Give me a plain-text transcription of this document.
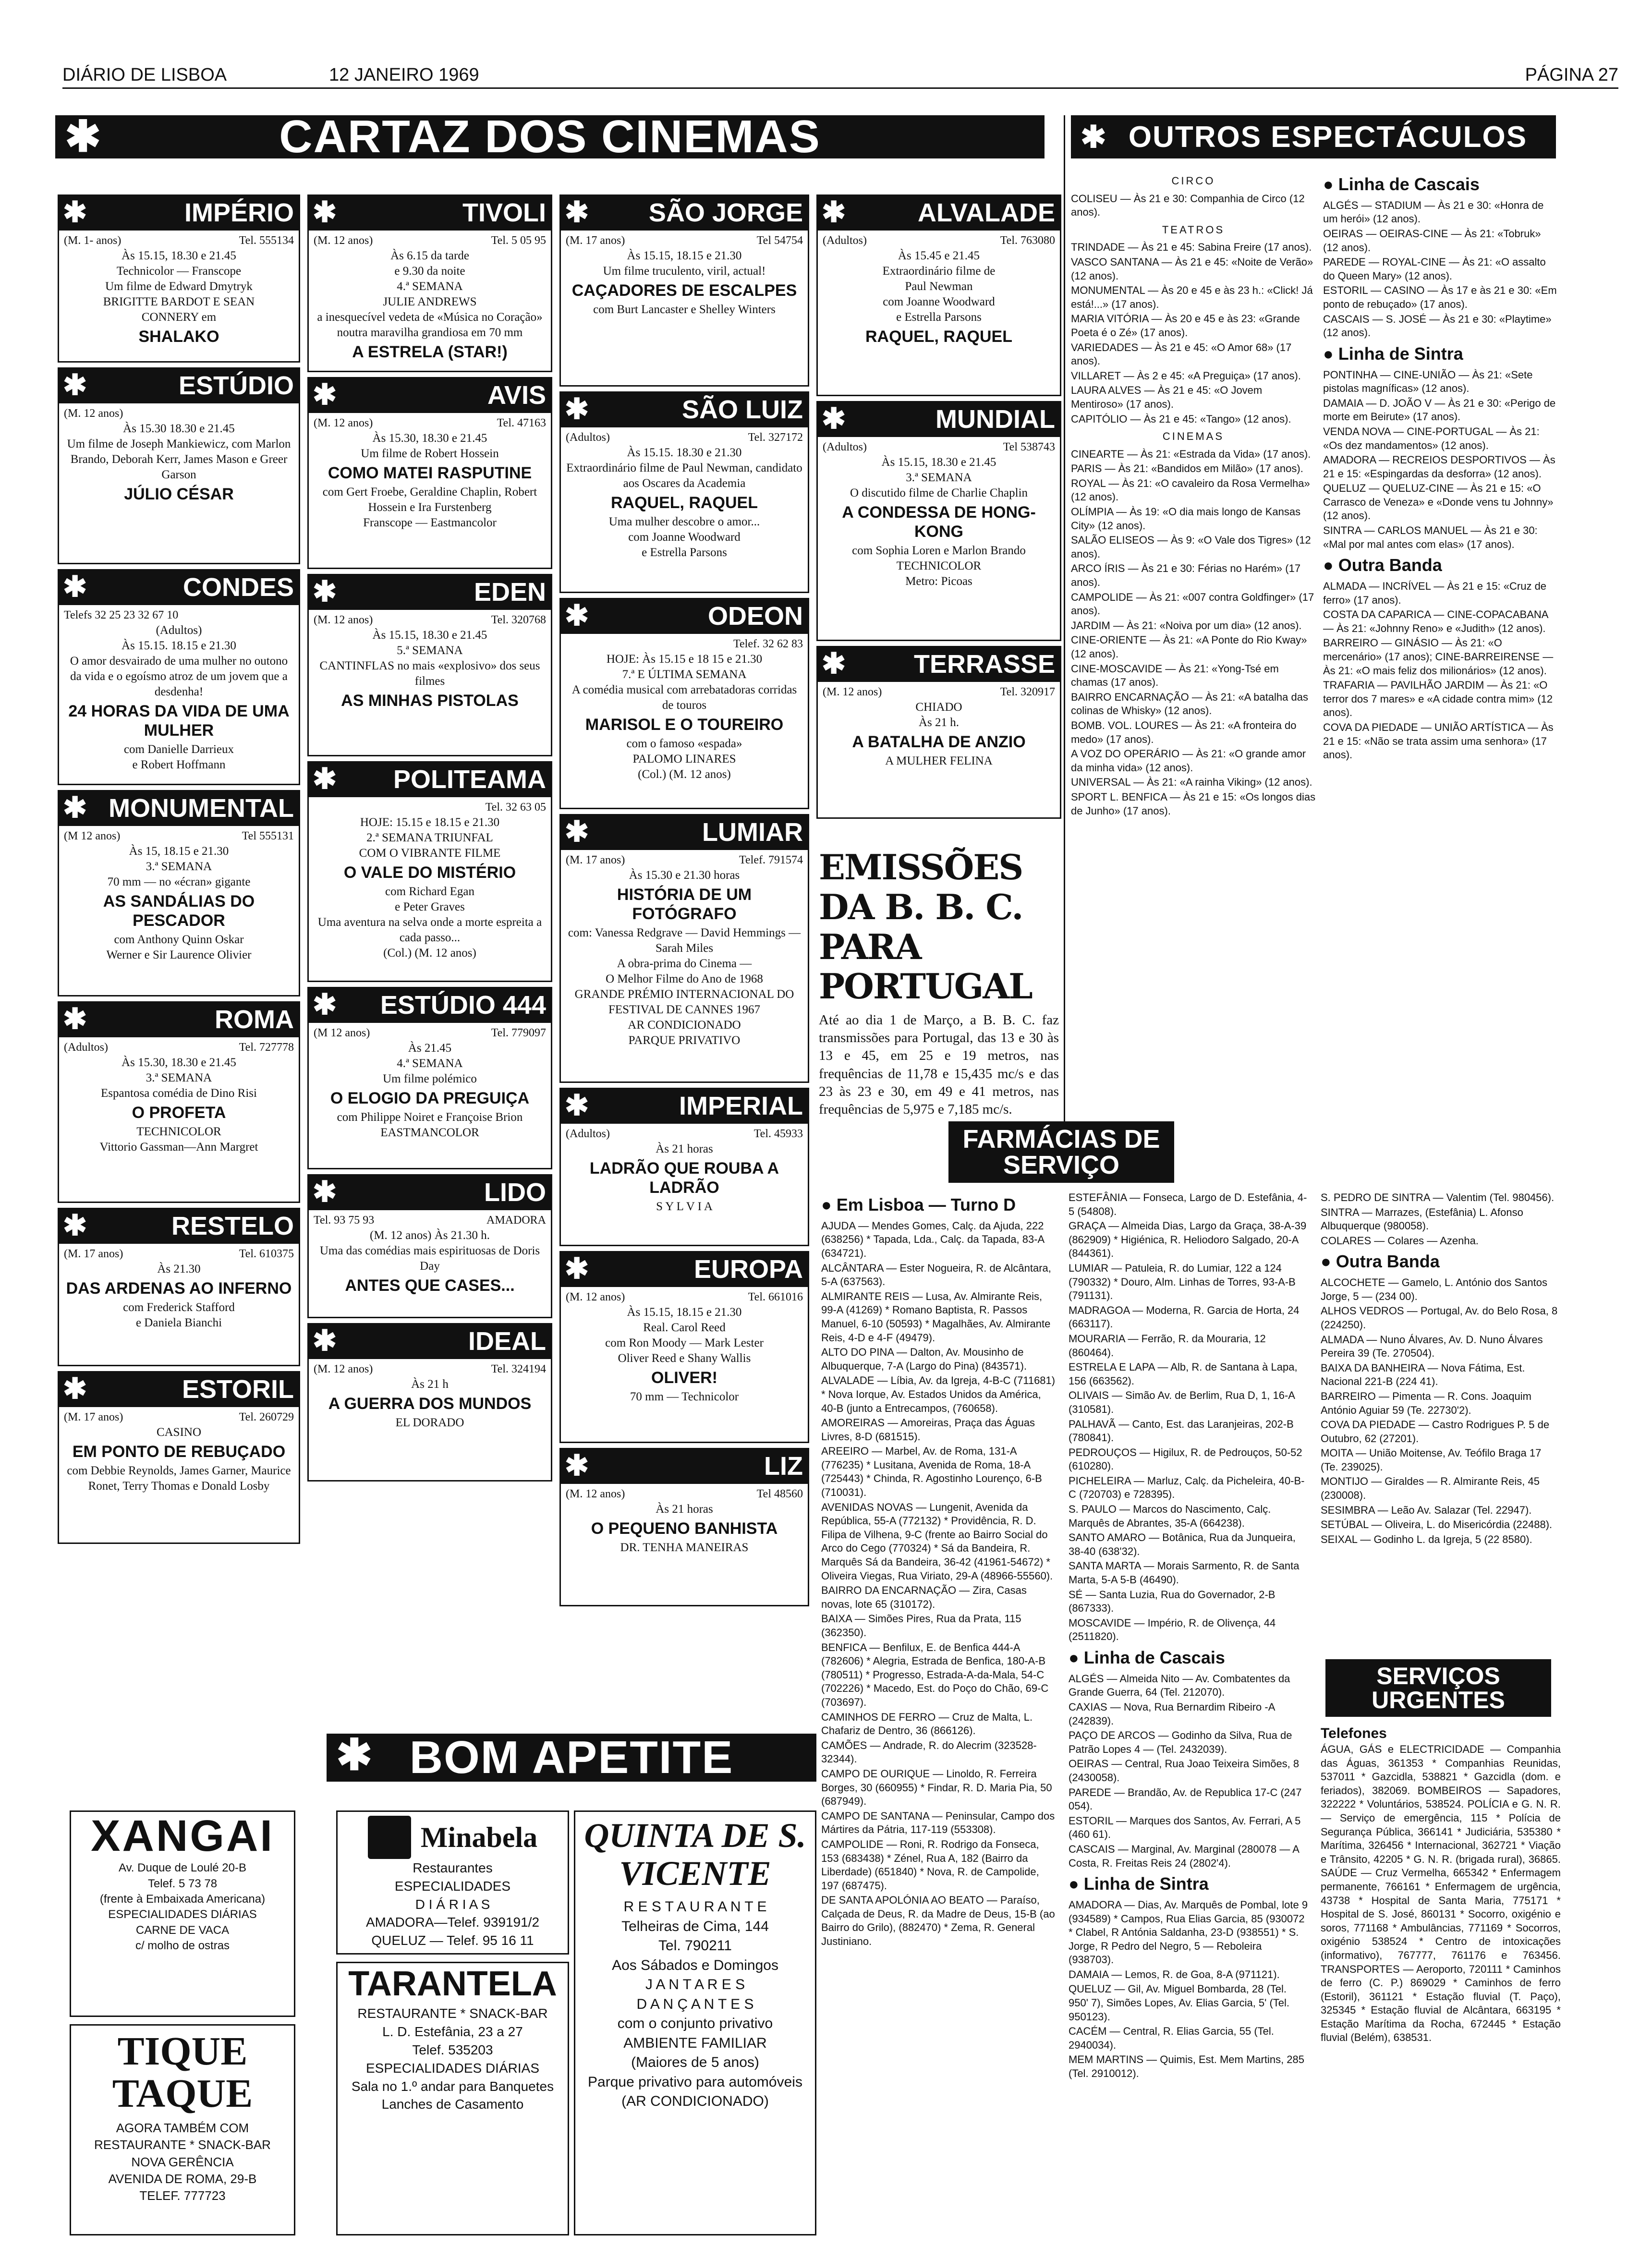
DIÁRIO DE LISBOA	12 JANEIRO 1969	PÁGINA 27
✱	CARTAZ DOS CINEMAS	✱ OUTROS ESPECTÁCULOS
✱	IMPÉRIO
(M. 1- anos)	Tel. 555134
Às 15.15, 18.30 e 21.45
Technicolor — Franscope
Um filme de Edward Dmytryk
BRIGITTE BARDOT E SEAN
CONNERY em
SHALAKO
✱	ESTÚDIO
(M. 12 anos)
Às 15.30 18.30 e 21.45
Um filme de Joseph Mankiewicz, com Marlon Brando, Deborah Kerr, James Mason e Greer Garson
JÚLIO CÉSAR
✱	CONDES
Telefs 32 25 23 32 67 10
(Adultos)
Às 15.15. 18.15 e 21.30
O amor desvairado de uma mulher no outono da vida e o egoísmo atroz de um jovem que a desdenha!
24 HORAS DA VIDA DE UMA MULHER
com Danielle Darrieux
e Robert Hoffmann
✱ MONUMENTAL
(M 12 anos)	Tel 555131
Às 15, 18.15 e 21.30
3.ª SEMANA
70 mm — no «écran» gigante
AS SANDÁLIAS DO PESCADOR
com Anthony Quinn Oskar
Werner e Sir Laurence Olivier
✱	ROMA
(Adultos)	Tel. 727778
Às 15.30, 18.30 e 21.45
3.ª SEMANA
Espantosa comédia de Dino Risi
O PROFETA
TECHNICOLOR
Vittorio Gassman—Ann Margret
✱	RESTELO
(M. 17 anos)	Tel. 610375
Às 21.30
DAS ARDENAS AO INFERNO
com Frederick Stafford
e Daniela Bianchi
✱	ESTORIL
(M. 17 anos)	Tel. 260729
CASINO
EM PONTO DE REBUÇADO
com Debbie Reynolds, James Garner, Maurice Ronet, Terry Thomas e Donald Losby
✱	TIVOLI
(M. 12 anos)	Tel. 5 05 95
Às 6.15 da tarde
e 9.30 da noite
4.ª SEMANA
JULIE ANDREWS
a inesquecível vedeta de «Música no Coração» noutra maravilha grandiosa em 70 mm
A ESTRELA (STAR!)
✱	AVIS
(M. 12 anos)	Tel. 47163
Às 15.30, 18.30 e 21.45
Um filme de Robert Hossein
COMO MATEI RASPUTINE
com Gert Froebe, Geraldine Chaplin, Robert Hossein e Ira Furstenberg
Franscope — Eastmancolor
✱	EDEN
(M. 12 anos)	Tel. 320768
Às 15.15, 18.30 e 21.45
5.ª SEMANA
CANTINFLAS no mais «explosivo» dos seus filmes
AS MINHAS PISTOLAS
✱ POLITEAMA
Tel. 32 63 05
HOJE: 15.15 e 18.15 e 21.30
2.ª SEMANA TRIUNFAL
COM O VIBRANTE FILME
O VALE DO MISTÉRIO
com Richard Egan
e Peter Graves
Uma aventura na selva onde a morte espreita a cada passo...
(Col.) (M. 12 anos)
✱ ESTÚDIO 444
(M 12 anos)	Tel. 779097
Às 21.45
4.ª SEMANA
Um filme polémico
O ELOGIO DA PREGUIÇA
com Philippe Noiret e Françoise Brion
EASTMANCOLOR
✱	LIDO
Tel. 93 75 93	AMADORA
(M. 12 anos) Às 21.30 h.
Uma das comédias mais espirituosas de Doris Day
ANTES QUE CASES...
✱	IDEAL
(M. 12 anos)	Tel. 324194
Às 21 h
A GUERRA DOS MUNDOS
EL DORADO
✱ SÃO JORGE
(M. 17 anos)	Tel 54754
Às 15.15, 18.15 e 21.30
Um filme truculento, viril, actual!
CAÇADORES DE ESCALPES
com Burt Lancaster e Shelley Winters
✱	SÃO LUIZ
(Adultos)	Tel. 327172
Às 15.15. 18.30 e 21.30
Extraordinário filme de Paul Newman, candidato aos Oscares da Academia
RAQUEL, RAQUEL
Uma mulher descobre o amor...
com Joanne Woodward
e Estrella Parsons
✱	ODEON
Telef. 32 62 83
HOJE: Às 15.15 e 18 15 e 21.30
7.ª E ÚLTIMA SEMANA
A comédia musical com arrebatadoras corridas de touros
MARISOL E O TOUREIRO
com o famoso «espada»
PALOMO LINARES
(Col.) (M. 12 anos)
✱	LUMIAR
(M. 17 anos)	Telef. 791574
Às 15.30 e 21.30 horas
HISTÓRIA DE UM FOTÓGRAFO
com: Vanessa Redgrave — David Hemmings — Sarah Miles
A obra-prima do Cinema —
O Melhor Filme do Ano de 1968
GRANDE PRÉMIO INTERNACIONAL DO FESTIVAL DE CANNES 1967
AR CONDICIONADO
PARQUE PRIVATIVO
✱	IMPERIAL
(Adultos)	Tel. 45933
Às 21 horas
LADRÃO QUE ROUBA A LADRÃO
S Y L V I A
✱	EUROPA
(M. 12 anos)	Tel. 661016
Às 15.15, 18.15 e 21.30
Real. Carol Reed
com Ron Moody — Mark Lester
Oliver Reed e Shany Wallis
OLIVER!
70 mm — Technicolor
✱	LIZ
(M. 12 anos)	Tel 48560
Às 21 horas
O PEQUENO BANHISTA
DR. TENHA MANEIRAS
✱	ALVALADE
(Adultos)	Tel. 763080
Às 15.45 e 21.45
Extraordinário filme de
Paul Newman
com Joanne Woodward
e Estrella Parsons
RAQUEL, RAQUEL
✱	MUNDIAL
(Adultos)	Tel 538743
Às 15.15, 18.30 e 21.45
3.ª SEMANA
O discutido filme de Charlie Chaplin
A CONDESSA DE HONG-KONG
com Sophia Loren e Marlon Brando
TECHNICOLOR
Metro: Picoas
✱	TERRASSE
(M. 12 anos)	Tel. 320917
CHIADO
Às 21 h.
A BATALHA DE ANZIO
A MULHER FELINA
EMISSÕES DA B. B. C. PARA PORTUGAL
Até ao dia 1 de Março, a B. B. C. faz transmissões para Portugal, das 13 e 30 às 13 e 45, em 25 e 19 metros, nas frequências de 11,78 e 15,435 mc/s e das 23 às 23 e 30, em 49 e 41 metros, nas frequências de 5,975 e 7,185 mc/s.
CIRCO
COLISEU — Às 21 e 30: Companhia de Circo (12 anos).
TEATROS
TRINDADE — Às 21 e 45: Sabina Freire (17 anos).
VASCO SANTANA — Às 21 e 45: «Noite de Verão» (12 anos).
MONUMENTAL — Às 20 e 45 e às 23 h.: «Click! Já está!...» (17 anos).
MARIA VITÓRIA — Às 20 e 45 e às 23: «Grande Poeta é o Zé» (17 anos).
VARIEDADES — Às 21 e 45: «O Amor 68» (17 anos).
VILLARET — Às 2 e 45: «A Preguiça» (17 anos).
LAURA ALVES — Às 21 e 45: «O Jovem Mentiroso» (17 anos).
CAPITÓLIO — Às 21 e 45: «Tango» (12 anos).
CINEMAS
CINEARTE — Às 21: «Estrada da Vida» (17 anos).
PARIS — Às 21: «Bandidos em Milão» (17 anos).
ROYAL — Às 21: «O cavaleiro da Rosa Vermelha» (12 anos).
OLÍMPIA — Às 19: «O dia mais longo de Kansas City» (12 anos).
SALÃO ELISEOS — Às 9: «O Vale dos Tigres» (12 anos).
ARCO ÍRIS — Às 21 e 30: Férias no Harém» (17 anos).
CAMPOLIDE — Às 21: «007 contra Goldfinger» (17 anos).
JARDIM — Às 21: «Noiva por um dia» (12 anos).
CINE-ORIENTE — Às 21: «A Ponte do Rio Kway» (12 anos).
CINE-MOSCAVIDE — Às 21: «Yong-Tsé em chamas (17 anos).
BAIRRO ENCARNAÇÃO — Às 21: «A batalha das colinas de Whisky» (12 anos).
BOMB. VOL. LOURES — Às 21: «A fronteira do medo» (17 anos).
A VOZ DO OPERÁRIO — Às 21: «O grande amor da minha vida» (12 anos).
UNIVERSAL — Às 21: «A rainha Viking» (12 anos).
SPORT L. BENFICA — Às 21 e 15: «Os longos dias de Junho» (17 anos).
● Linha de Cascais
ALGÉS — STADIUM — Às 21 e 30: «Honra de um herói» (12 anos).
OEIRAS — OEIRAS-CINE — Às 21: «Tobruk» (12 anos).
PAREDE — ROYAL-CINE — Às 21: «O assalto do Queen Mary» (12 anos).
ESTORIL — CASINO — Às 17 e às 21 e 30: «Em ponto de rebuçado» (17 anos).
CASCAIS — S. JOSÉ — Às 21 e 30: «Playtime» (12 anos).
● Linha de Sintra
PONTINHA — CINE-UNIÃO — Às 21: «Sete pistolas magníficas» (12 anos).
DAMAIA — D. JOÃO V — Às 21 e 30: «Perigo de morte em Beirute» (17 anos).
VENDA NOVA — CINE-PORTUGAL — Às 21: «Os dez mandamentos» (12 anos).
AMADORA — RECREIOS DESPORTIVOS — Às 21 e 15: «Espingardas da desforra» (12 anos).
QUELUZ — QUELUZ-CINE — Às 21 e 15: «O Carrasco de Veneza» e «Donde vens tu Johnny» (12 anos).
SINTRA — CARLOS MANUEL — Às 21 e 30: «Mal por mal antes com elas» (17 anos).
● Outra Banda
ALMADA — INCRÍVEL — Às 21 e 15: «Cruz de ferro» (17 anos).
COSTA DA CAPARICA — CINE-COPACABANA — Às 21: «Johnny Reno» e «Judith» (12 anos).
BARREIRO — GINÁSIO — Às 21: «O mercenário» (17 anos); CINE-BARREIRENSE — Às 21: «O mais feliz dos milionários» (12 anos).
TRAFARIA — PAVILHÃO JARDIM — Às 21: «O terror dos 7 mares» e «A cidade contra mim» (12 anos).
COVA DA PIEDADE — UNIÃO ARTÍSTICA — Às 21 e 15: «Não se trata assim uma senhora» (17 anos).
FARMÁCIAS DE SERVIÇO
● Em Lisboa — Turno D
AJUDA — Mendes Gomes, Calç. da Ajuda, 222 (638256) * Tapada, Lda., Calç. da Tapada, 83-A (634721).
ALCÂNTARA — Ester Nogueira, R. de Alcântara, 5-A (637563).
ALMIRANTE REIS — Lusa, Av. Almirante Reis, 99-A (41269) * Romano Baptista, R. Passos Manuel, 6-10 (50593) * Magalhães, Av. Almirante Reis, 4-D e 4-F (49479).
ALTO DO PINA — Dalton, Av. Mousinho de Albuquerque, 7-A (Largo do Pina) (843571).
ALVALADE — Líbia, Av. da Igreja, 4-B-C (711681) * Nova Iorque, Av. Estados Unidos da América, 40-B (junto a Entrecampos, (760658).
AMOREIRAS — Amoreiras, Praça das Águas Livres, 8-D (681515).
AREEIRO — Marbel, Av. de Roma, 131-A (776235) * Lusitana, Avenida de Roma, 18-A (725443) * Chinda, R. Agostinho Lourenço, 6-B (710031).
AVENIDAS NOVAS — Lungenit, Avenida da República, 55-A (772132) * Providência, R. D. Filipa de Vilhena, 9-C (frente ao Bairro Social do Arco do Cego (770324) * Sá da Bandeira, R. Marquês Sá da Bandeira, 36-42 (41961-54672) * Oliveira Viegas, Rua Viriato, 29-A (48966-55560).
BAIRRO DA ENCARNAÇÃO — Zira, Casas novas, lote 65 (310172).
BAIXA — Simões Pires, Rua da Prata, 115 (362350).
BENFICA — Benfilux, E. de Benfica 444-A (782606) * Alegria, Estrada de Benfica, 180-A-B (780511) * Progresso, Estrada-A-da-Mala, 54-C (702226) * Macedo, Est. do Poço do Chão, 69-C (703697).
CAMINHOS DE FERRO — Cruz de Malta, L. Chafariz de Dentro, 36 (866126).
CAMÕES — Andrade, R. do Alecrim (323528-32344).
CAMPO DE OURIQUE — Linoldo, R. Ferreira Borges, 30 (660955) * Findar, R. D. Maria Pia, 50 (687949).
CAMPO DE SANTANA — Peninsular, Campo dos Mártires da Pátria, 117-119 (553308).
CAMPOLIDE — Roni, R. Rodrigo da Fonseca, 153 (683438) * Zénel, Rua A, 182 (Bairro da Liberdade) (651840) * Nova, R. de Campolide, 197 (687475).
DE SANTA APOLÓNIA AO BEATO — Paraíso, Calçada de Deus, R. da Madre de Deus, 15-B (ao Bairro do Grilo), (882470) * Zema, R. General Justiniano.
ESTEFÂNIA — Fonseca, Largo de D. Estefânia, 4-5 (54808).
GRAÇA — Almeida Dias, Largo da Graça, 38-A-39 (862909) * Higiénica, R. Heliodoro Salgado, 20-A (844361).
LUMIAR — Patuleia, R. do Lumiar, 122 a 124 (790332) * Douro, Alm. Linhas de Torres, 93-A-B (791131).
MADRAGOA — Moderna, R. Garcia de Horta, 24 (663117).
MOURARIA — Ferrão, R. da Mouraria, 12 (860464).
ESTRELA E LAPA — Alb, R. de Santana à Lapa, 156 (663562).
OLIVAIS — Simão Av. de Berlim, Rua D, 1, 16-A (310581).
PALHAVÃ — Canto, Est. das Laranjeiras, 202-B (780841).
PEDROUÇOS — Higilux, R. de Pedrouços, 50-52 (610280).
PICHELEIRA — Marluz, Calç. da Picheleira, 40-B-C (720703) e 728395).
S. PAULO — Marcos do Nascimento, Calç. Marquês de Abrantes, 35-A (664238).
SANTO AMARO — Botânica, Rua da Junqueira, 38-40 (638'32).
SANTA MARTA — Morais Sarmento, R. de Santa Marta, 5-A 5-B (46490).
SÉ — Santa Luzia, Rua do Governador, 2-B (867333).
MOSCAVIDE — Império, R. de Olivença, 44 (2511820).
● Linha de Cascais
ALGÉS — Almeida Nito — Av. Combatentes da Grande Guerra, 64 (Tel. 212070).
CAXIAS — Nova, Rua Bernardim Ribeiro -A (242839).
PAÇO DE ARCOS — Godinho da Silva, Rua de Patrão Lopes 4 — (Tel. 2432039).
OEIRAS — Central, Rua Joao Teixeira Simões, 8 (2430058).
PAREDE — Brandão, Av. de Republica 17-C (247 054).
ESTORIL — Marques dos Santos, Av. Ferrari, A 5 (460 61).
CASCAIS — Marginal, Av. Marginal (280078 — A Costa, R. Freitas Reis 24 (2802'4).
● Linha de Sintra
AMADORA — Dias, Av. Marquês de Pombal, lote 9 (934589) * Campos, Rua Elias Garcia, 85 (930072 * Clabel, R Antónia Saldanha, 23-D (938551) * S. Jorge, R Pedro del Negro, 5 — Reboleira (938703).
DAMAIA — Lemos, R. de Goa, 8-A (971121).
QUELUZ — Gil, Av. Miguel Bombarda, 28 (Tel. 950' 7), Simões Lopes, Av. Elias Garcia, 5' (Tel. 950123).
CACÉM — Central, R. Elias Garcia, 55 (Tel. 2940034).
MEM MARTINS — Quimis, Est. Mem Martins, 285 (Tel. 2910012).
S. PEDRO DE SINTRA — Valentim (Tel. 980456).
SINTRA — Marrazes, (Estefânia) L. Afonso Albuquerque (980058).
COLARES — Colares — Azenha.
● Outra Banda
ALCOCHETE — Gamelo, L. António dos Santos Jorge, 5 — (234 00).
ALHOS VEDROS — Portugal, Av. do Belo Rosa, 8 (224250).
ALMADA — Nuno Álvares, Av. D. Nuno Álvares Pereira 39 (Te. 270504).
BAIXA DA BANHEIRA — Nova Fátima, Est. Nacional 221-B (224 41).
BARREIRO — Pimenta — R. Cons. Joaquim António Aguiar 59 (Te. 22730'2).
COVA DA PIEDADE — Castro Rodrigues P. 5 de Outubro, 62 (27201).
MOITA — União Moitense, Av. Teófilo Braga 17 (Te. 239025).
MONTIJO — Giraldes — R. Almirante Reis, 45 (230008).
SESIMBRA — Leão Av. Salazar (Tel. 22947).
SETÚBAL — Oliveira, L. do Misericórdia (22488).
SEIXAL — Godinho L. da Igreja, 5 (22 8580).
SERVIÇOS URGENTES
Telefones
ÁGUA, GÁS e ELECTRICIDADE — Companhia das Águas, 361353 * Companhias Reunidas, 537011 * Gazcidla, 538821 * Gazcidla (dom. e feriados), 382069. BOMBEIROS — Sapadores, 322222 * Voluntários, 538524. POLÍCIA e G. N. R. — Serviço de emergência, 115 * Polícia de Segurança Pública, 366141 * Judiciária, 535380 * Marítima, 326456 * Internacional, 362721 * Viação e Trânsito, 42205 * G. N. R. (brigada rural), 36865. SAÚDE — Cruz Vermelha, 665342 * Enfermagem permanente, 766161 * Enfermagem de urgência, 43738 * Hospital de Santa Maria, 775171 * Hospital de S. José, 860131 * Socorro, oxigénio e soros, 771168 * Ambulâncias, 771169 * Socorros, oxigénio 538524 * Centro de intoxicações (informativo), 767777, 761176 e 763456. TRANSPORTES — Aeroporto, 720111 * Caminhos de ferro (C. P.) 869029 * Caminhos de ferro (Estoril), 361121 * Estação fluvial (T. Paço), 325345 * Estação fluvial de Alcântara, 663195 * Estação Marítima da Rocha, 672445 * Estação fluvial (Belém), 638531.
✱ BOM APETITE
XANGAI
Av. Duque de Loulé 20-B
Telef. 5 73 78
(frente à Embaixada Americana)
ESPECIALIDADES DIÁRIAS
CARNE DE VACA
c/ molho de ostras
TIQUE TAQUE
AGORA TAMBÉM COM RESTAURANTE * SNACK-BAR
NOVA GERÊNCIA
AVENIDA DE ROMA, 29-B
TELEF. 777723
Minabela
Restaurantes
ESPECIALIDADES
D I Á R I A S
AMADORA—Telef. 939191/2
QUELUZ — Telef. 95 16 11
TARANTELA
RESTAURANTE * SNACK-BAR
L. D. Estefânia, 23 a 27
Telef. 535203
ESPECIALIDADES DIÁRIAS
Sala no 1.º andar para Banquetes
Lanches de Casamento
QUINTA DE S. VICENTE
R E S T A U R A N T E
Telheiras de Cima, 144
Tel. 790211
Aos Sábados e Domingos
J A N T A R E S
D A N Ç A N T E S
com o conjunto privativo
AMBIENTE FAMILIAR
(Maiores de 5 anos)
Parque privativo para automóveis
(AR CONDICIONADO)
